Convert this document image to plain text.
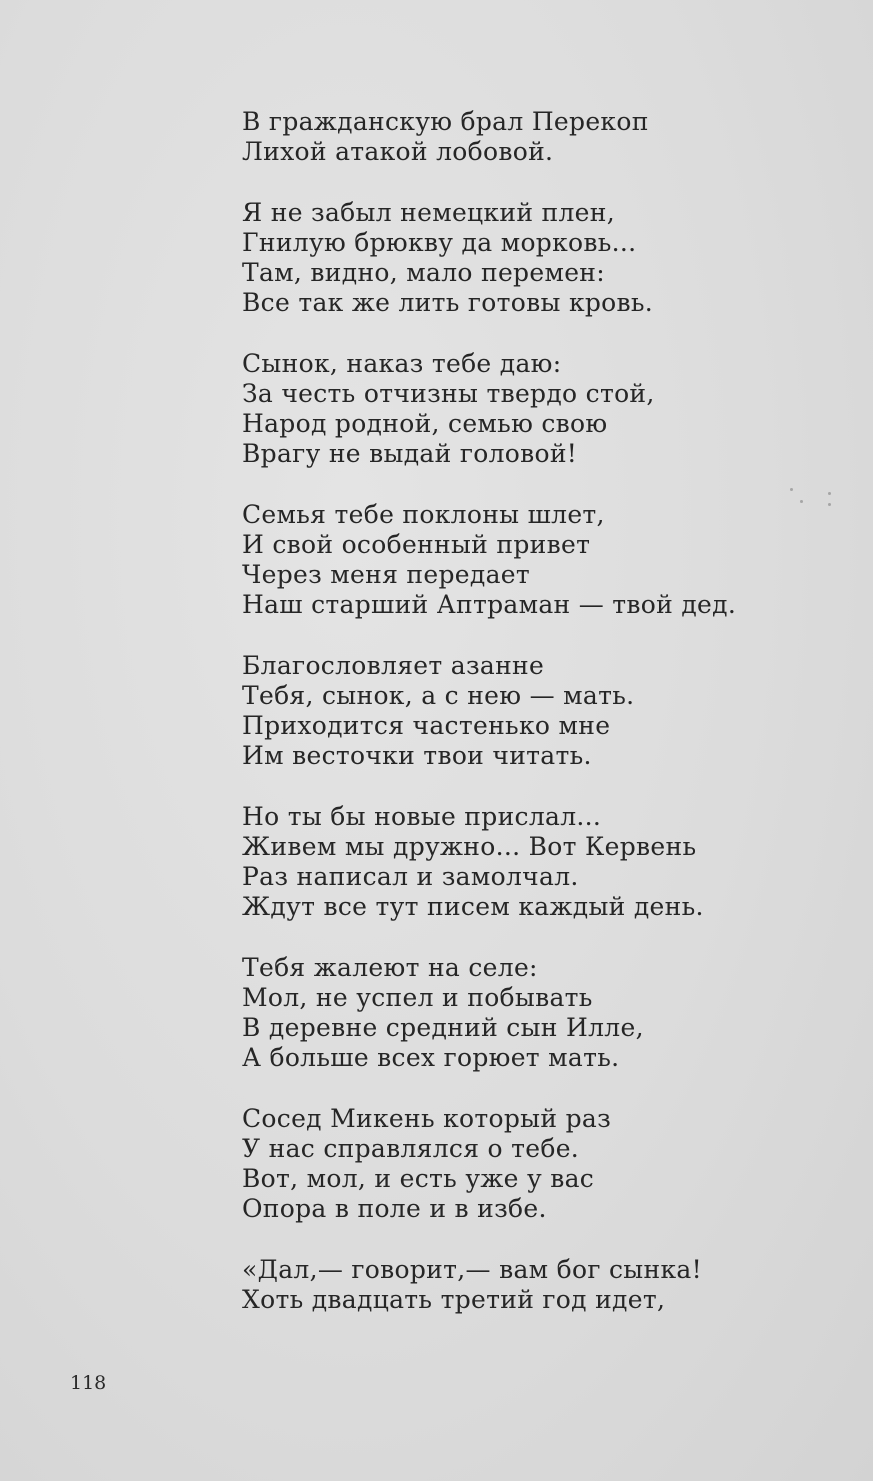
В гражданскую брал Перекоп
Лихой атакой лобовой.
Я не забыл немецкий плен,
Гнилую брюкву да морковь...
Там, видно, мало перемен:
Все так же лить готовы кровь.
Сынок, наказ тебе даю:
За честь отчизны твердо стой,
Народ родной, семью свою
Врагу не выдай головой!
Семья тебе поклоны шлет,
И свой особенный привет
Через меня передает
Наш старший Аптраман — твой дед.
Благословляет азанне
Тебя, сынок, а с нею — мать.
Приходится частенько мне
Им весточки твои читать.
Но ты бы новые прислал...
Живем мы дружно... Вот Кервень
Раз написал и замолчал.
Ждут все тут писем каждый день.
Тебя жалеют на селе:
Мол, не успел и побывать
В деревне средний сын Илле,
А больше всех горюет мать.
Сосед Микень который раз
У нас справлялся о тебе.
Вот, мол, и есть уже у вас
Опора в поле и в избе.
«Дал,— говорит,— вам бог сынка!
Хоть двадцать третий год идет,
118
